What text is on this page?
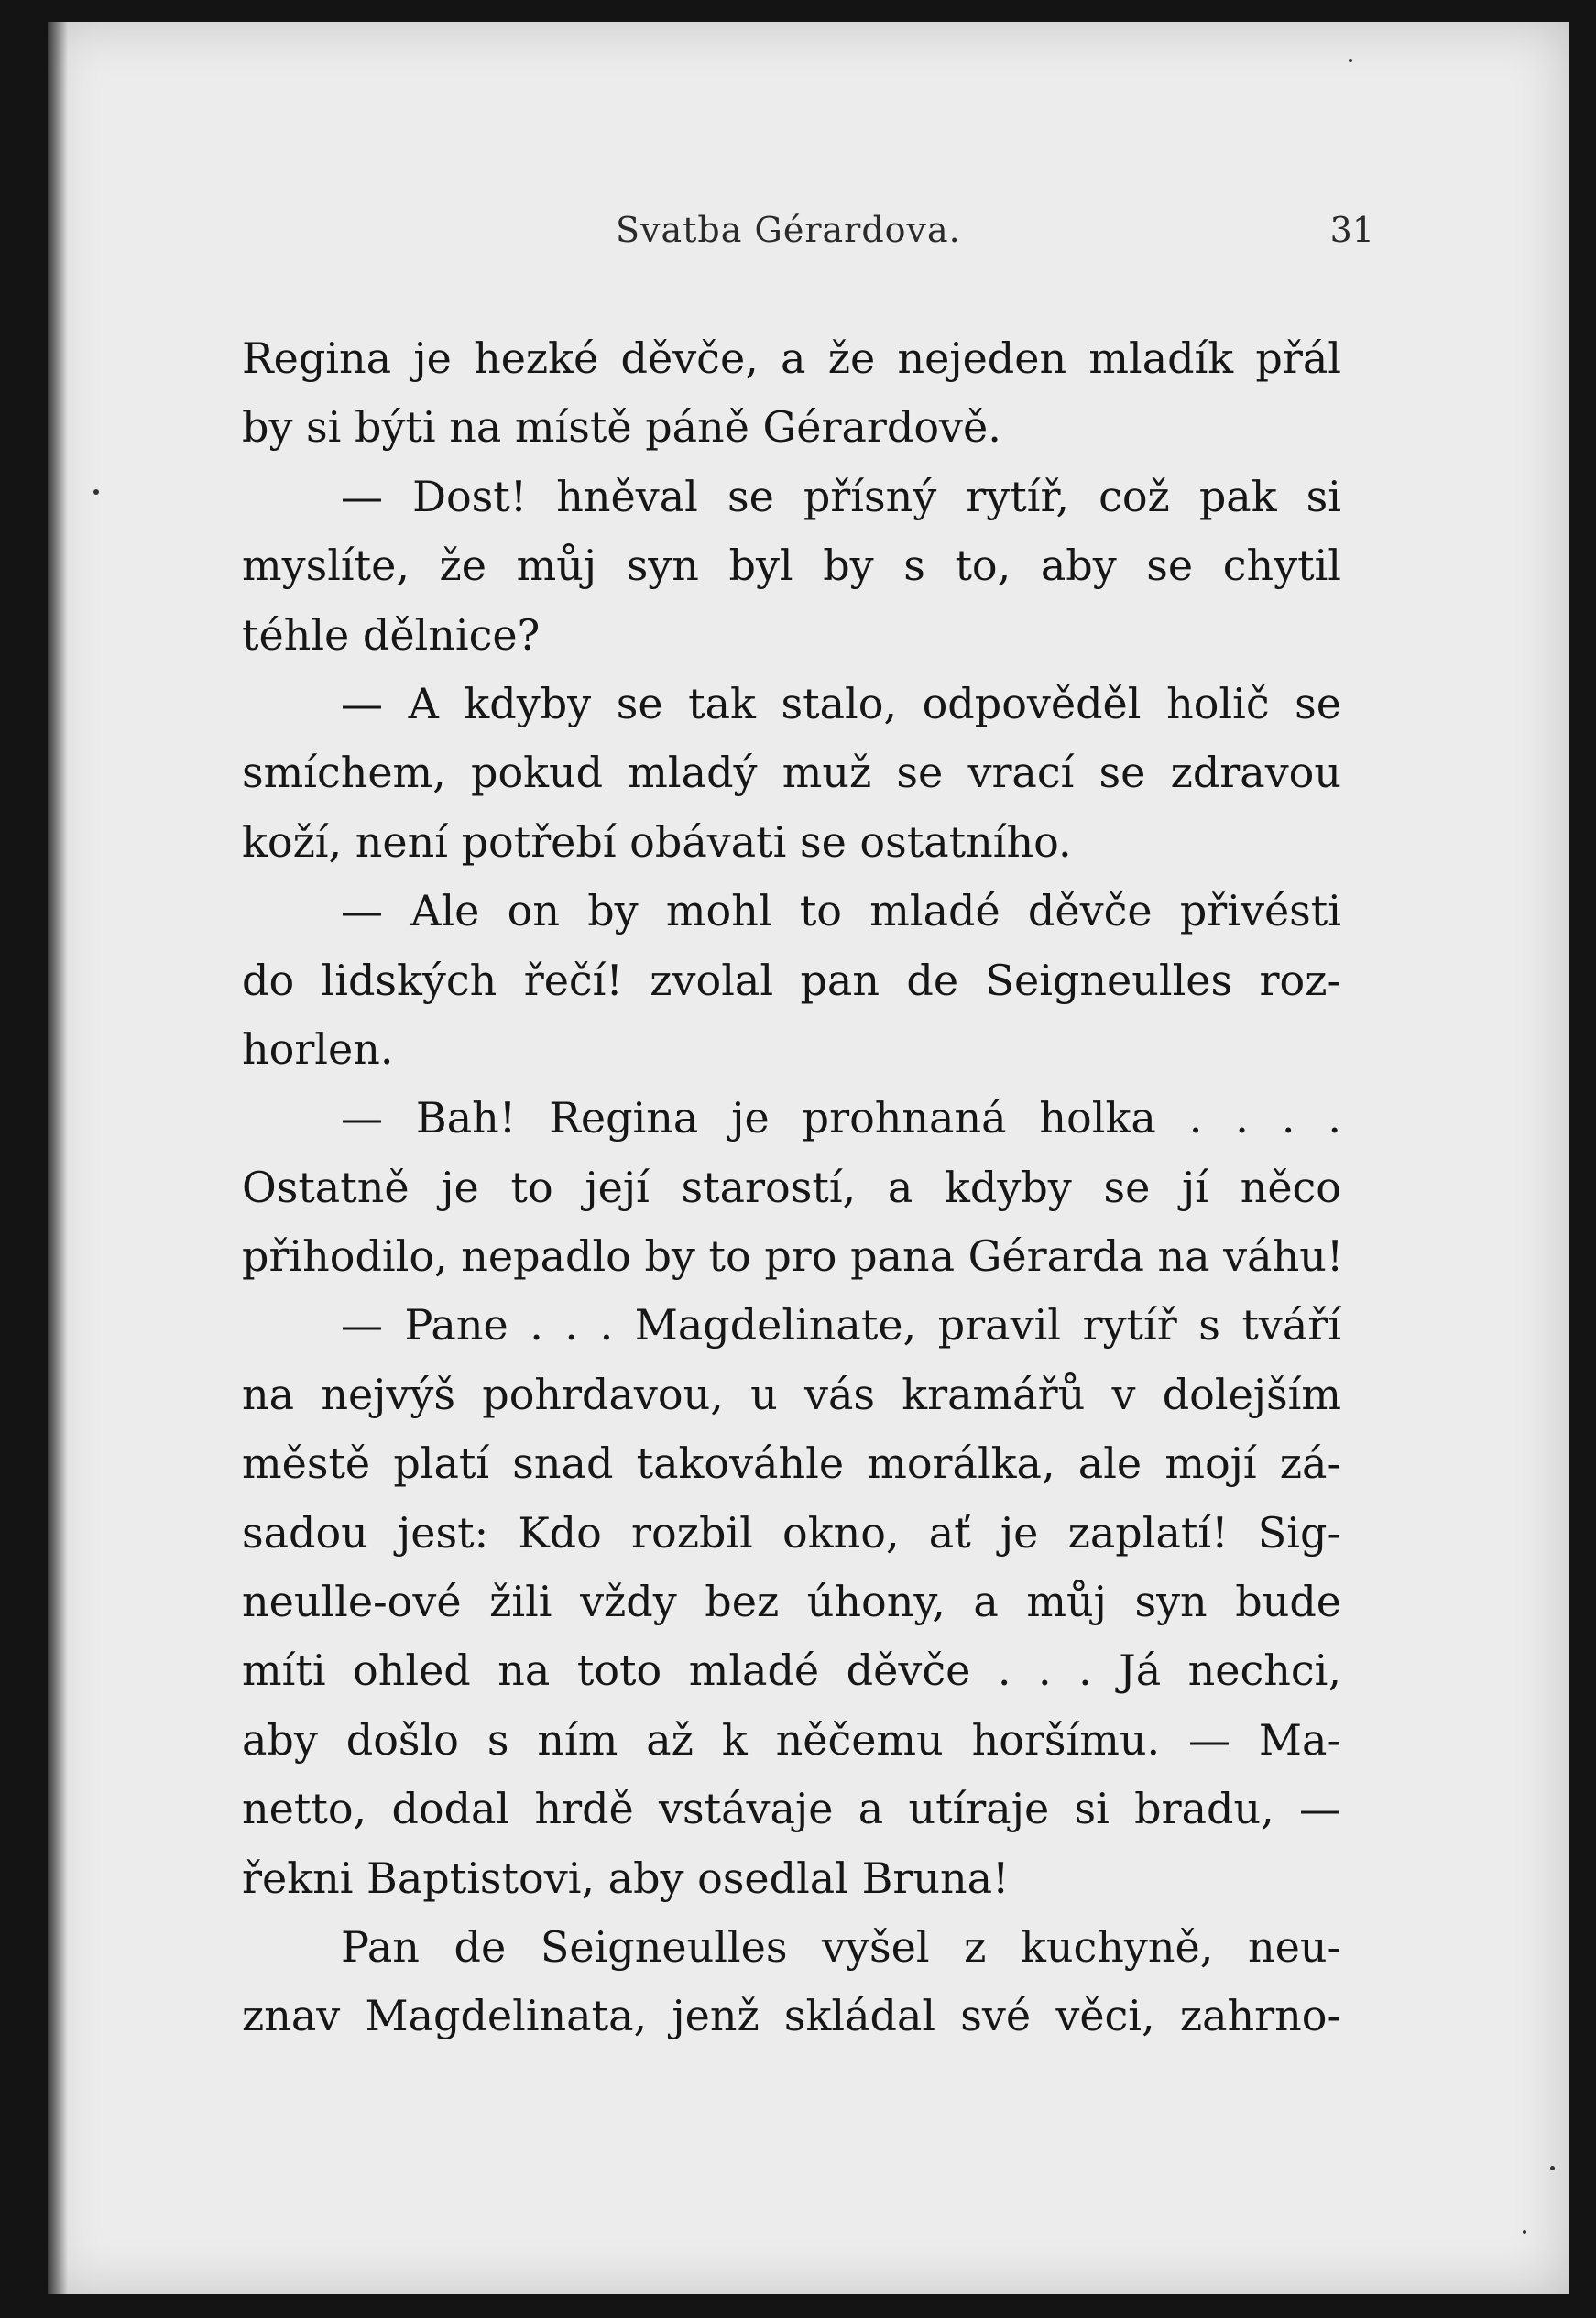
Svatba Gérardova.	31
Regina je hezké děvče, a že nejeden mladík přál
by si býti na místě páně Gérardově.
— Dost! hněval se přísný rytíř, což pak si
myslíte, že můj syn byl by s to, aby se chytil
téhle dělnice?
— A kdyby se tak stalo, odpověděl holič se
smíchem, pokud mladý muž se vrací se zdravou
koží, není potřebí obávati se ostatního.
— Ale on by mohl to mladé děvče přivésti
do lidských řečí! zvolal pan de Seigneulles roz-
horlen.
— Bah! Regina je prohnaná holka . . . .
Ostatně je to její starostí, a kdyby se jí něco
přihodilo, nepadlo by to pro pana Gérarda na váhu!
— Pane . . . Magdelinate, pravil rytíř s tváří
na nejvýš pohrdavou, u vás kramářů v dolejším
městě platí snad takováhle morálka, ale mojí zá-
sadou jest: Kdo rozbil okno, ať je zaplatí! Sig-
neulle-ové žili vždy bez úhony, a můj syn bude
míti ohled na toto mladé děvče . . . Já nechci,
aby došlo s ním až k něčemu horšímu. — Ma-
netto, dodal hrdě vstávaje a utíraje si bradu, —
řekni Baptistovi, aby osedlal Bruna!
Pan de Seigneulles vyšel z kuchyně, neu-
znav Magdelinata, jenž skládal své věci, zahrno-
